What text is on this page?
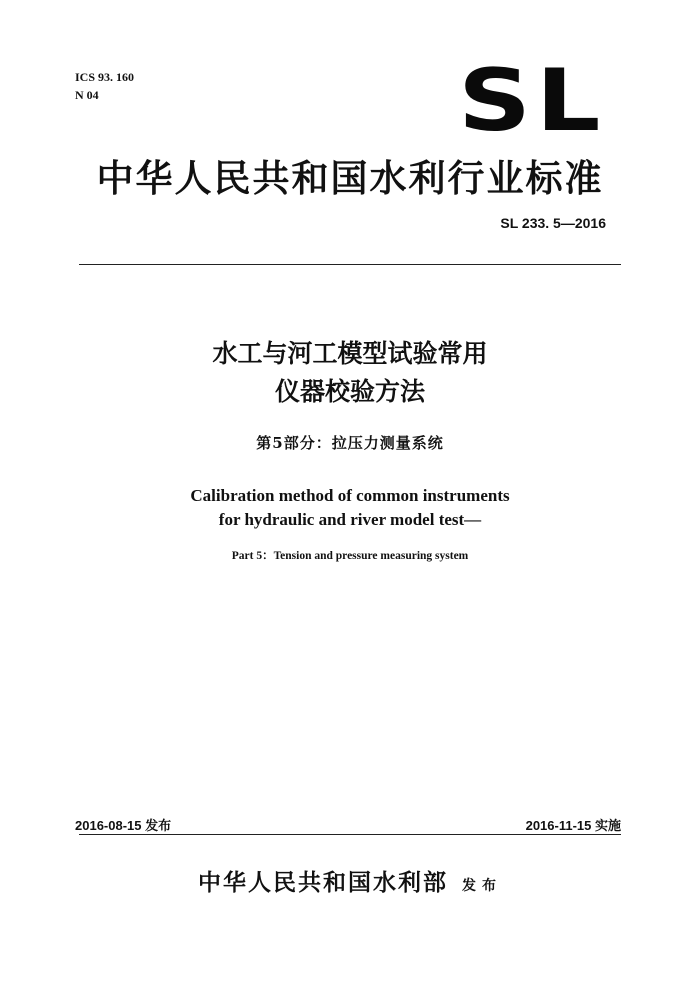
ICS 93. 160
N 04	SL
中华人民共和国水利行业标准
SL 233. 5—2016
水工与河工模型试验常用
仪器校验方法
第5部分：拉压力测量系统
Calibration method of common instruments
for hydraulic and river model test—
Part 5：Tension and pressure measuring system
2016-08-15 发布	2016-11-15 实施
中华人民共和国水利部 发布
